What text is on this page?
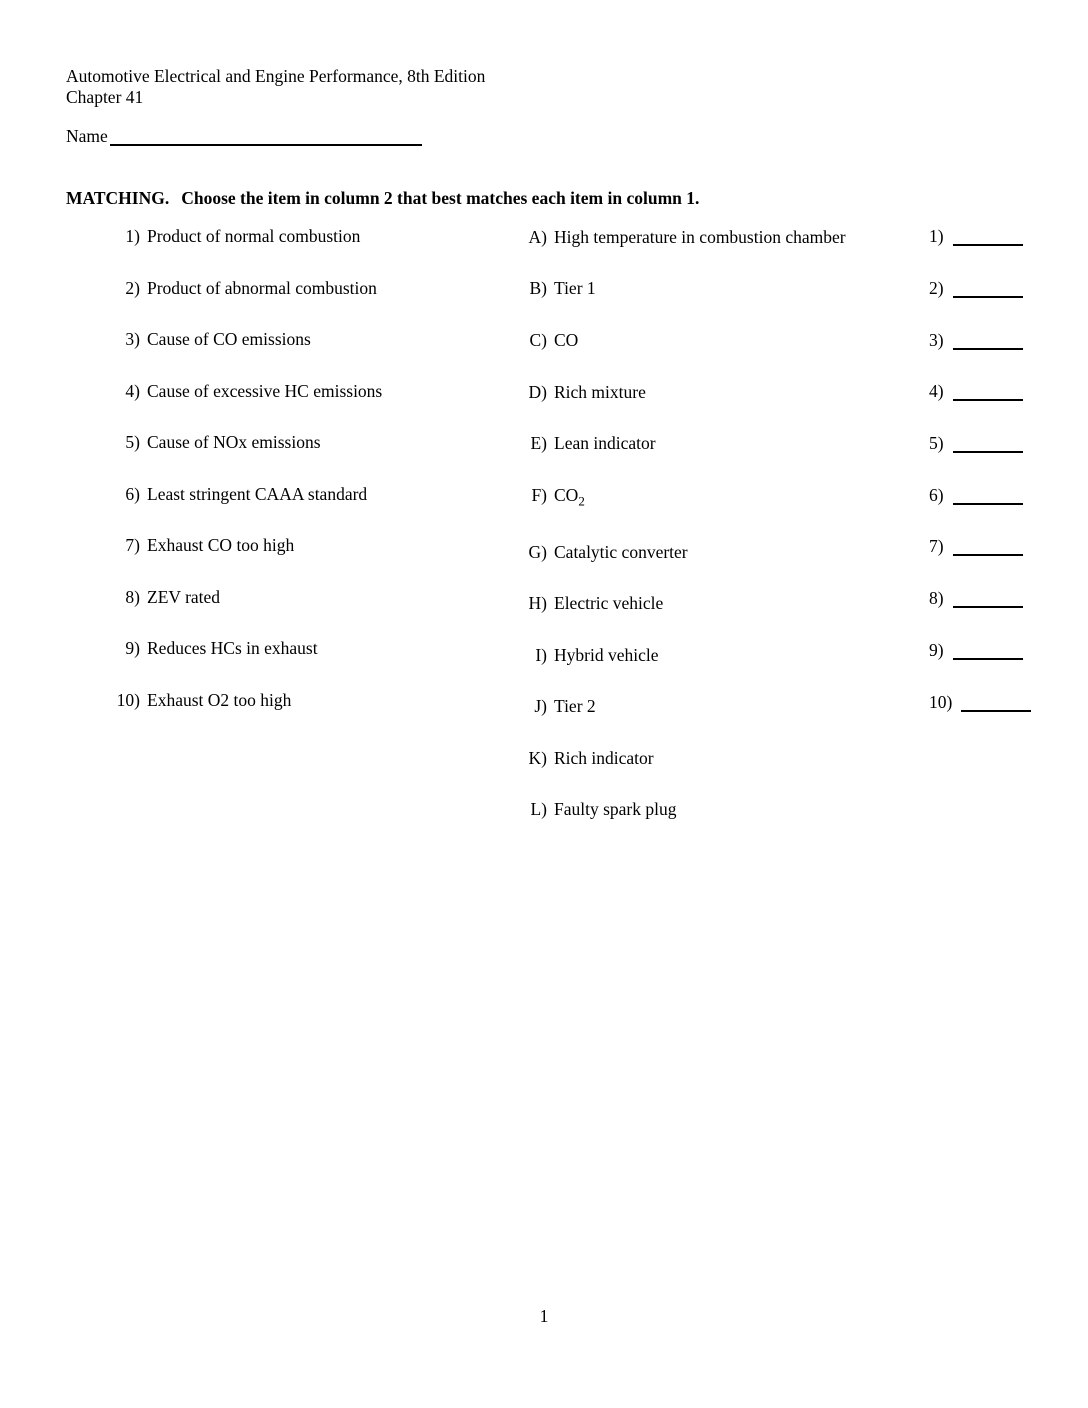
Automotive Electrical and Engine Performance, 8th Edition
Chapter 41
Name
MATCHING. Choose the item in column 2 that best matches each item in column 1.
1) Product of normal combustion
2) Product of abnormal combustion
3) Cause of CO emissions
4) Cause of excessive HC emissions
5) Cause of NOx emissions
6) Least stringent CAAA standard
7) Exhaust CO too high
8) ZEV rated
9) Reduces HCs in exhaust
10) Exhaust O2 too high
A) High temperature in combustion chamber
B) Tier 1
C) CO
D) Rich mixture
E) Lean indicator
F) $CO_2$
G) Catalytic converter
H) Electric vehicle
I) Hybrid vehicle
J) Tier 2
K) Rich indicator
L) Faulty spark plug
1)
2)
3)
4)
5)
6)
7)
8)
9)
10)
1
